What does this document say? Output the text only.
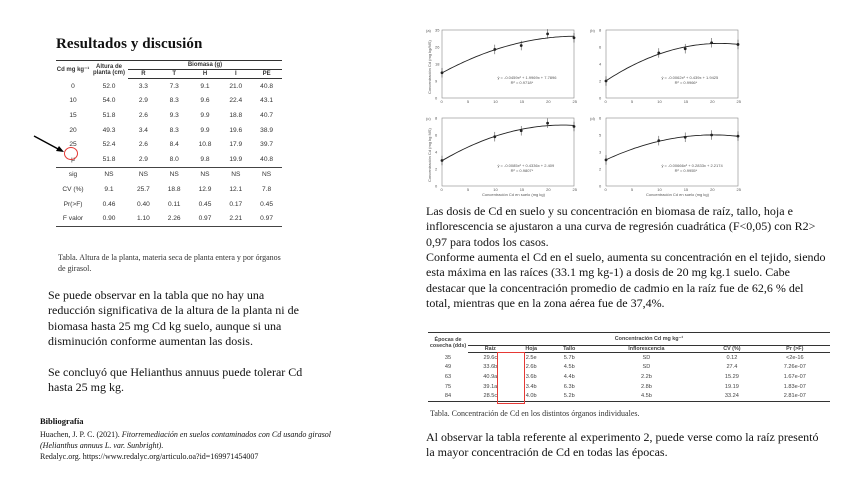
Resultados y discusión
Cd mg kg⁻¹	Altura de planta (cm)	Biomasa (g)				
		R	T	H	I	PE
0	52.0	3.3	7.3	9.1	21.0	40.8
10	54.0	2.9	8.3	9.6	22.4	43.1
15	51.8	2.6	9.3	9.9	18.8	40.7
20	49.3	3.4	8.3	9.9	19.6	38.9
25	52.4	2.6	8.4	10.8	17.9	39.7
μ	51.8	2.9	8.0	9.8	19.9	40.8
sig	NS	NS	NS	NS	NS	NS
CV (%)	9.1	25.7	18.8	12.9	12.1	7.8
Pr(>F)	0.46	0.40	0.11	0.45	0.17	0.45
F valor	0.90	1.10	2.26	0.97	2.21	0.97
Tabla. Altura de la planta, materia seca de planta entera y por órganos de girasol.
Se puede observar en la tabla que no hay una reducción significativa de la altura de la planta ni de biomasa hasta 25 mg Cd kg suelo, aunque si una disminución conforme aumentan las dosis.
Se concluyó que Helianthus annuus puede tolerar Cd hasta 25 mg kg.
Bibliografía
Huachen, J. P. C. (2021). Fitorremediación en suelos contaminados con Cd usando girasol (Helianthus annuus L. var. Sunbright).
Redalyc.org. https://www.redalyc.org/articulo.oa?id=169971454007
(a)
0	5	10	15	20	25
0
9
18
26
35
ŷ = -0.0459x² + 1.9969x + 7.7896
R² = 0.9718*
Concentración Cd (mg kg/MS)
(b)
0	5	10	15	20	25
0
2
4
6
8
ŷ = -0.0062x² + 0.439x + 1.9425
R² = 0.9966*
(c)
0	5	10	15	20	25
0
2
4
6
8
ŷ = -0.0085x² + 0.4336x + 2.409
R² = 0.9807*
Concentración Cd (mg kg MS)
Concentración Cd en suelo (mg kg)
(d)
0	5	10	15	20	25
0
2
3
5
6
ŷ = -0.00666x² + 0.2833x + 2.2174
R² = 0.9955*
Concentración Cd en suelo (mg kg)
Las dosis de Cd en suelo y su concentración en biomasa de raíz, tallo, hoja e inflorescencia se ajustaron a una curva de regresión cuadrática (F<0,05) con R2> 0,97 para todos los casos.
Conforme aumenta el Cd en el suelo, aumenta su concentración en el tejido, siendo esta máxima en las raíces (33.1 mg kg-1) a dosis de 20 mg kg.1 suelo. Cabe destacar que la concentración promedio de cadmio en la raíz fue de 62,6 % del total, mientras que en la zona aérea fue de 37,4%.
Épocas de cosecha (dds)	Concentración Cd mg kg⁻¹					
	Raíz	Hoja	Tallo	Inflorescencia	CV (%)	Pr (>F)
35	29.6c	2.5e	5.7b	SD	0.12	<2e-16
49	33.6b	2.6b	4.5b	SD	27.4	7.26e-07
63	40.9a	3.6b	4.4b	2.2b	15.29	1.67e-07
75	39.1a	3.4b	6.3b	2.8b	19.19	1.83e-07
84	28.5c	4.0b	5.2b	4.5b	33.24	2.81e-07
Tabla. Concentración de Cd en los distintos órganos individuales.
Al observar la tabla referente al experimento 2, puede verse como la raíz presentó la mayor concentración de Cd en todas las épocas.
